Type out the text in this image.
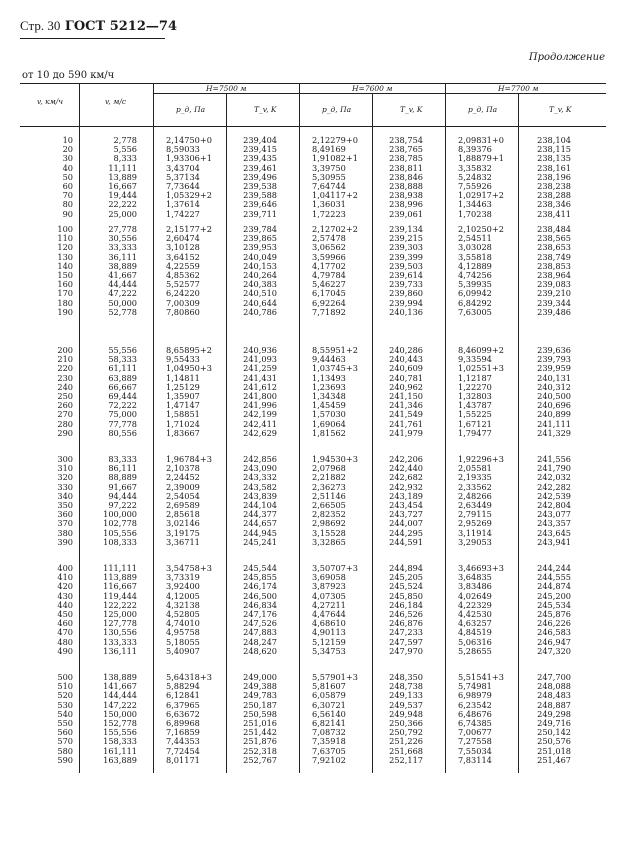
Стр. 30 ГОСТ 5212—74
Продолжение
от 10 до 590 км/ч
H=7500 м	H=7600 м	H=7700 м
v, км/ч	v, м/с
p_д, Па	T_v, K	p_д, Па	T_v, K	p_д, Па	T_v, K
10	2,778	2,14750+0	239,404	2,12279+0	238,754	2,09831+0	238,104
20	5,556	8,59033	239,415	8,49169	238,765	8,39376	238,115
30	8,333	1,93306+1	239,435	1,91082+1	238,785	1,88879+1	238,135
40	11,111	3,43704	239,461	3,39750	238,811	3,35832	238,161
50	13,889	5,37134	239,496	5,30955	238,846	5,24832	238,196
60	16,667	7,73644	239,538	7,64744	238,888	7,55926	238,238
70	19,444	1,05329+2	239,588	1,04117+2	238,938	1,02917+2	238,288
80	22,222	1,37614	239,646	1,36031	238,996	1,34463	238,346
90	25,000	1,74227	239,711	1,72223	239,061	1,70238	238,411
100	27,778	2,15177+2	239,784	2,12702+2	239,134	2,10250+2	238,484
110	30,556	2,60474	239,865	2,57478	239,215	2,54511	238,565
120	33,333	3,10128	239,953	3,06562	239,303	3,03028	238,653
130	36,111	3,64152	240,049	3,59966	239,399	3,55818	238,749
140	38,889	4,22559	240,153	4,17702	239,503	4,12889	238,853
150	41,667	4,85362	240,264	4,79784	239,614	4,74256	238,964
160	44,444	5,52577	240,383	5,46227	239,733	5,39935	239,083
170	47,222	6,24220	240,510	6,17045	239,860	6,09942	239,210
180	50,000	7,00309	240,644	6,92264	239,994	6,84292	239,344
190	52,778	7,80860	240,786	7,71892	240,136	7,63005	239,486
200	55,556	8,65895+2	240,936	8,55951+2	240,286	8,46099+2	239,636
210	58,333	9,55433	241,093	9,44463	240,443	9,33594	239,793
220	61,111	1,04950+3	241,259	1,03745+3	240,609	1,02551+3	239,959
230	63,889	1,14811	241,431	1,13493	240,781	1,12187	240,131
240	66,667	1,25129	241,612	1,23693	240,962	1,22270	240,312
250	69,444	1,35907	241,800	1,34348	241,150	1,32803	240,500
260	72,222	1,47147	241,996	1,45459	241,346	1,43787	240,696
270	75,000	1,58851	242,199	1,57030	241,549	1,55225	240,899
280	77,778	1,71024	242,411	1,69064	241,761	1,67121	241,111
290	80,556	1,83667	242,629	1,81562	241,979	1,79477	241,329
300	83,333	1,96784+3	242,856	1,94530+3	242,206	1,92296+3	241,556
310	86,111	2,10378	243,090	2,07968	242,440	2,05581	241,790
320	88,889	2,24452	243,332	2,21882	242,682	2,19335	242,032
330	91,667	2,39009	243,582	2,36273	242,932	2,33562	242,282
340	94,444	2,54054	243,839	2,51146	243,189	2,48266	242,539
350	97,222	2,69589	244,104	2,66505	243,454	2,63449	242,804
360	100,000	2,85618	244,377	2,82352	243,727	2,79115	243,077
370	102,778	3,02146	244,657	2,98692	244,007	2,95269	243,357
380	105,556	3,19175	244,945	3,15528	244,295	3,11914	243,645
390	108,333	3,36711	245,241	3,32865	244,591	3,29053	243,941
400	111,111	3,54758+3	245,544	3,50707+3	244,894	3,46693+3	244,244
410	113,889	3,73319	245,855	3,69058	245,205	3,64835	244,555
420	116,667	3,92400	246,174	3,87923	245,524	3,83486	244,874
430	119,444	4,12005	246,500	4,07305	245,850	4,02649	245,200
440	122,222	4,32138	246,834	4,27211	246,184	4,22329	245,534
450	125,000	4,52805	247,176	4,47644	246,526	4,42530	245,876
460	127,778	4,74010	247,526	4,68610	246,876	4,63257	246,226
470	130,556	4,95758	247,883	4,90113	247,233	4,84519	246,583
480	133,333	5,18055	248,247	5,12159	247,597	5,06316	246,947
490	136,111	5,40907	248,620	5,34753	247,970	5,28655	247,320
500	138,889	5,64318+3	249,000	5,57901+3	248,350	5,51541+3	247,700
510	141,667	5,88294	249,388	5,81607	248,738	5,74981	248,088
520	144,444	6,12841	249,783	6,05879	249,133	6,98979	248,483
530	147,222	6,37965	250,187	6,30721	249,537	6,23542	248,887
540	150,000	6,63672	250,598	6,56140	249,948	6,48676	249,298
550	152,778	6,89968	251,016	6,82141	250,366	6,74385	249,716
560	155,556	7,16859	251,442	7,08732	250,792	7,00677	250,142
570	158,333	7,44353	251,876	7,35918	251,226	7,27558	250,576
580	161,111	7,72454	252,318	7,63705	251,668	7,55034	251,018
590	163,889	8,01171	252,767	7,92102	252,117	7,83114	251,467
